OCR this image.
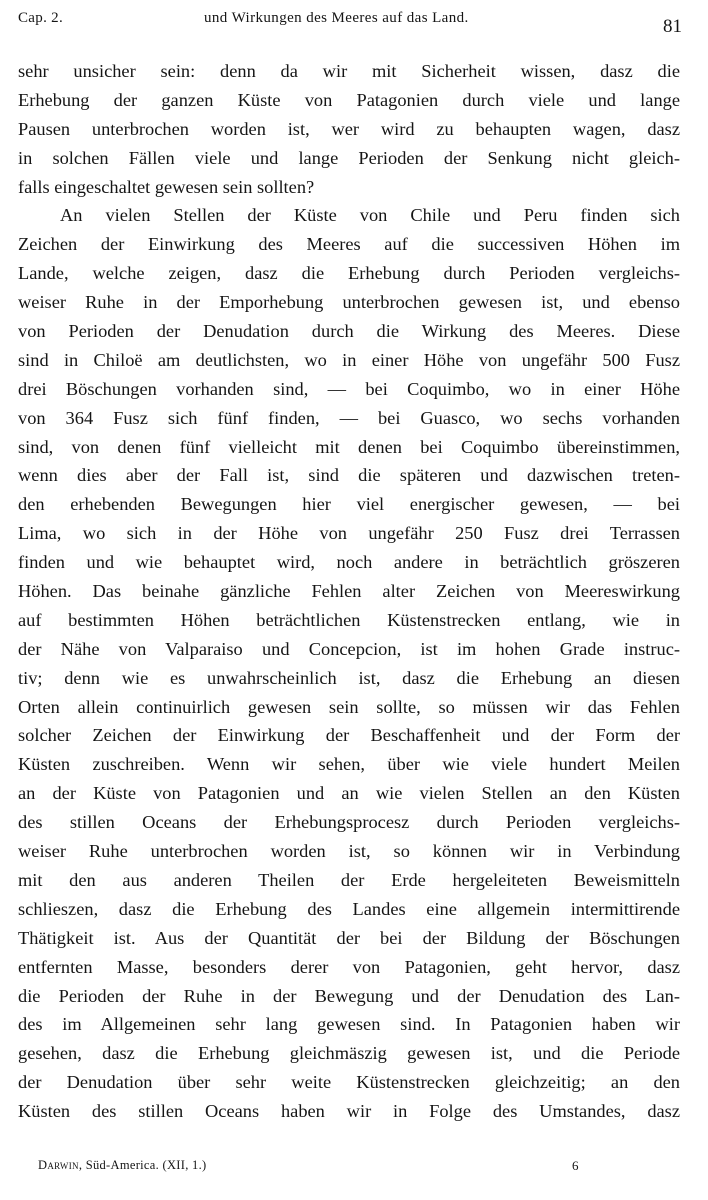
Cap. 2.	und Wirkungen des Meeres auf das Land.	81
sehr unsicher sein: denn da wir mit Sicherheit wissen, dasz die
Erhebung der ganzen Küste von Patagonien durch viele und lange
Pausen unterbrochen worden ist, wer wird zu behaupten wagen, dasz
in solchen Fällen viele und lange Perioden der Senkung nicht gleich-
falls eingeschaltet gewesen sein sollten?
An vielen Stellen der Küste von Chile und Peru finden sich
Zeichen der Einwirkung des Meeres auf die successiven Höhen im
Lande, welche zeigen, dasz die Erhebung durch Perioden vergleichs-
weiser Ruhe in der Emporhebung unterbrochen gewesen ist, und ebenso
von Perioden der Denudation durch die Wirkung des Meeres. Diese
sind in Chiloë am deutlichsten, wo in einer Höhe von ungefähr 500 Fusz
drei Böschungen vorhanden sind, — bei Coquimbo, wo in einer Höhe
von 364 Fusz sich fünf finden, — bei Guasco, wo sechs vorhanden
sind, von denen fünf vielleicht mit denen bei Coquimbo übereinstimmen,
wenn dies aber der Fall ist, sind die späteren und dazwischen treten-
den erhebenden Bewegungen hier viel energischer gewesen, — bei
Lima, wo sich in der Höhe von ungefähr 250 Fusz drei Terrassen
finden und wie behauptet wird, noch andere in beträchtlich gröszeren
Höhen. Das beinahe gänzliche Fehlen alter Zeichen von Meereswirkung
auf bestimmten Höhen beträchtlichen Küstenstrecken entlang, wie in
der Nähe von Valparaiso und Concepcion, ist im hohen Grade instruc-
tiv; denn wie es unwahrscheinlich ist, dasz die Erhebung an diesen
Orten allein continuirlich gewesen sein sollte, so müssen wir das Fehlen
solcher Zeichen der Einwirkung der Beschaffenheit und der Form der
Küsten zuschreiben. Wenn wir sehen, über wie viele hundert Meilen
an der Küste von Patagonien und an wie vielen Stellen an den Küsten
des stillen Oceans der Erhebungsprocesz durch Perioden vergleichs-
weiser Ruhe unterbrochen worden ist, so können wir in Verbindung
mit den aus anderen Theilen der Erde hergeleiteten Beweismitteln
schlieszen, dasz die Erhebung des Landes eine allgemein intermittirende
Thätigkeit ist. Aus der Quantität der bei der Bildung der Böschungen
entfernten Masse, besonders derer von Patagonien, geht hervor, dasz
die Perioden der Ruhe in der Bewegung und der Denudation des Lan-
des im Allgemeinen sehr lang gewesen sind. In Patagonien haben wir
gesehen, dasz die Erhebung gleichmäszig gewesen ist, und die Periode
der Denudation über sehr weite Küstenstrecken gleichzeitig; an den
Küsten des stillen Oceans haben wir in Folge des Umstandes, dasz
Darwin, Süd-America. (XII, 1.)	6
